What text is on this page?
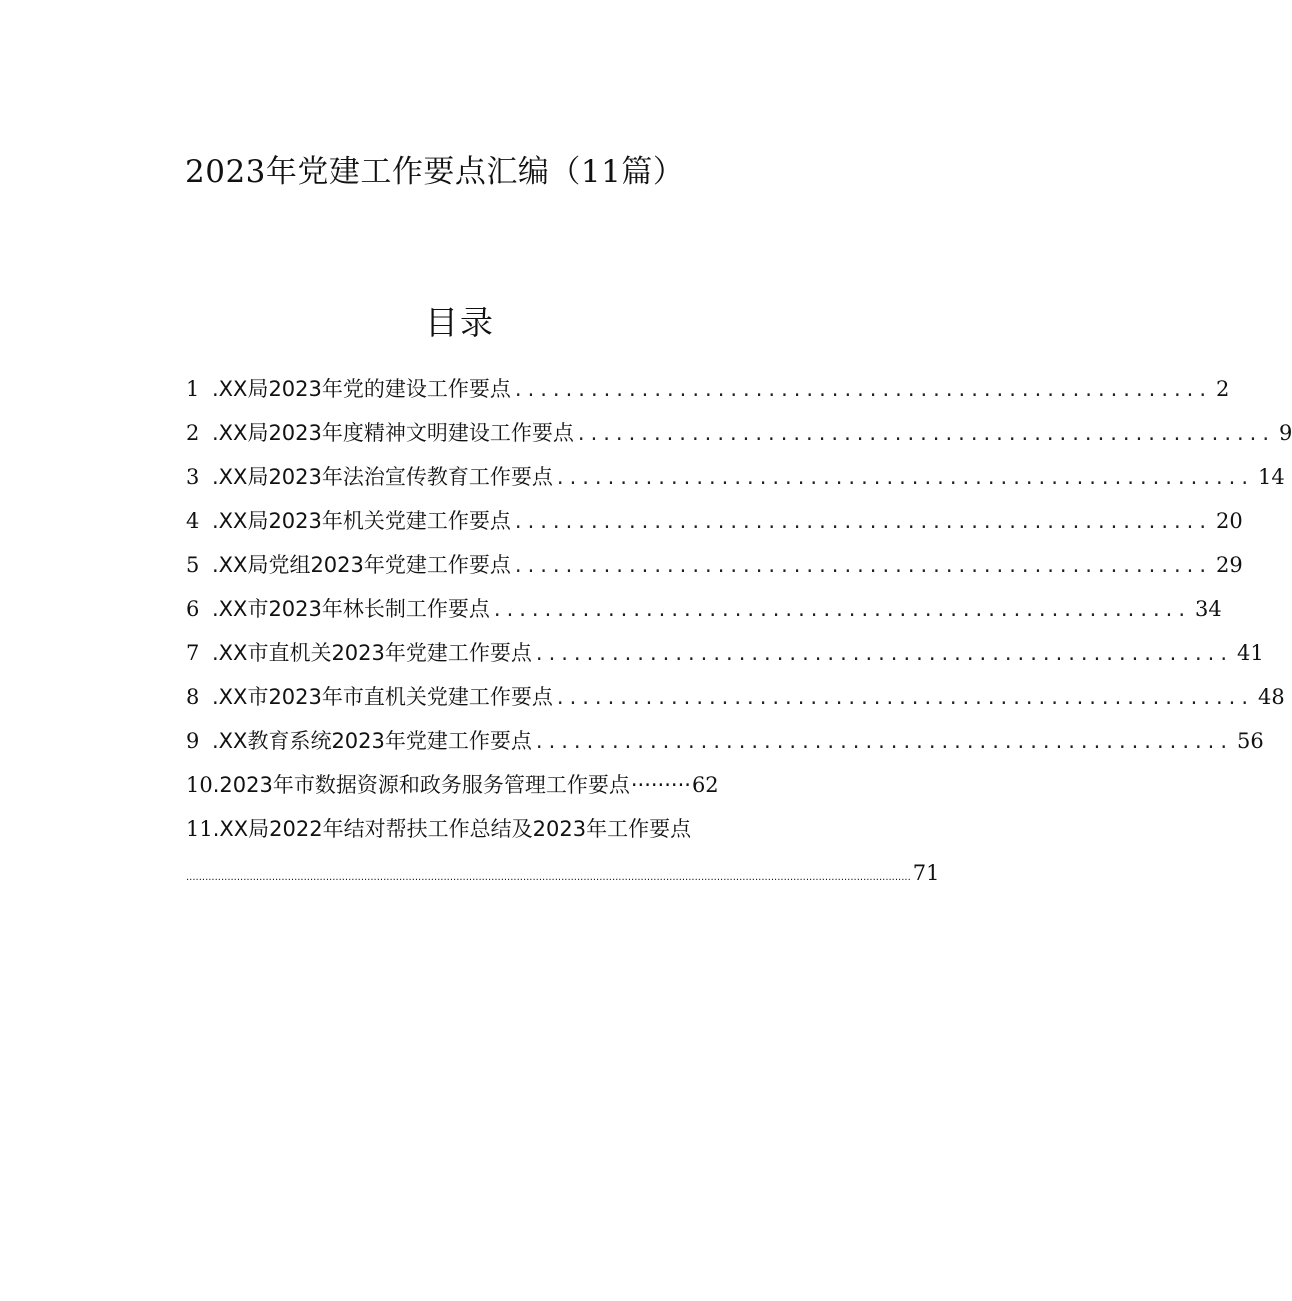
2023年党建工作要点汇编（11篇）
目录
1 .XX局2023年党的建设工作要点 ....................................................... 2
2 .XX局2023年度精神文明建设工作要点 ....................................................... 9
3 .XX局2023年法治宣传教育工作要点 ....................................................... 14
4 .XX局2023年机关党建工作要点 ....................................................... 20
5 .XX局党组2023年党建工作要点 ....................................................... 29
6 .XX市2023年林长制工作要点 ....................................................... 34
7 .XX市直机关2023年党建工作要点 ....................................................... 41
8 .XX市2023年市直机关党建工作要点 ....................................................... 48
9 .XX教育系统2023年党建工作要点 ....................................................... 56
10 .2023年市数据资源和政务服务管理工作要点 ········· 62
11 .XX局2022年结对帮扶工作总结及2023年工作要点
.................................................................................................................................................................................................................................... 71
